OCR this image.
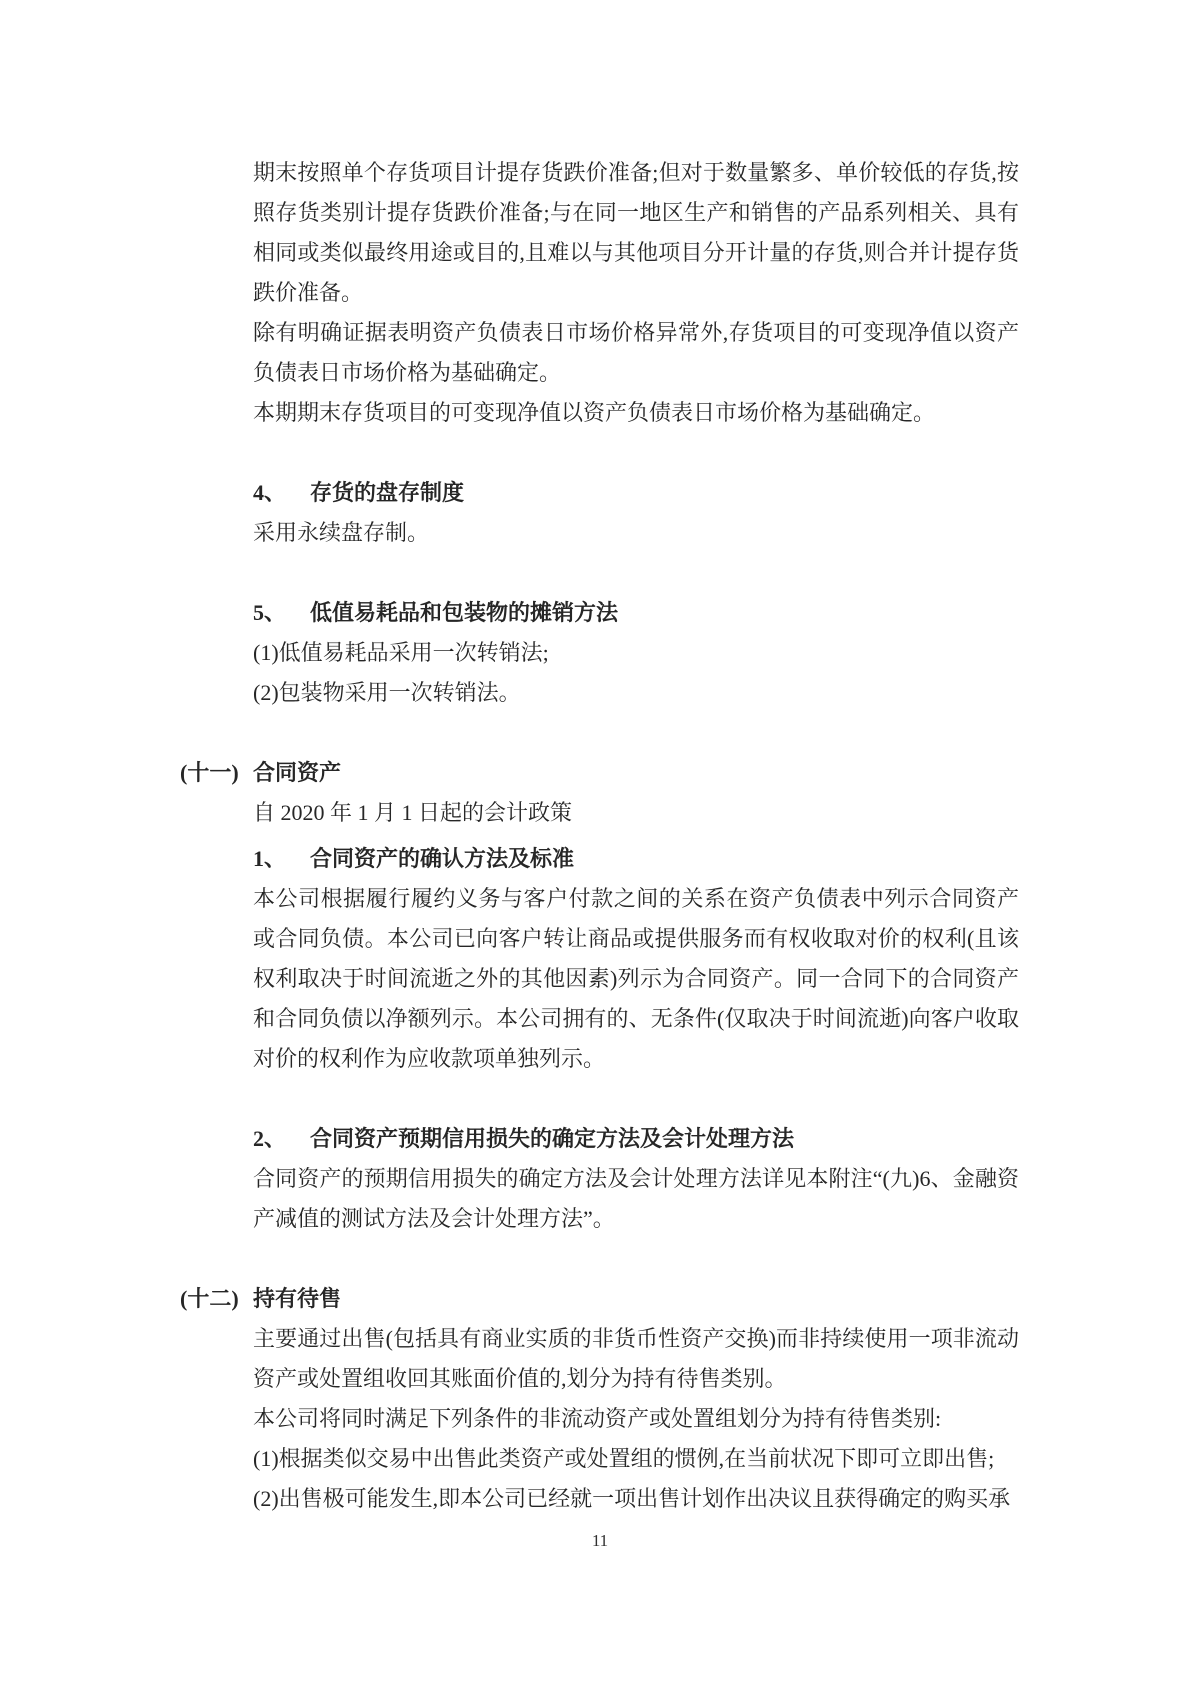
期末按照单个存货项目计提存货跌价准备;但对于数量繁多、单价较低的存货,按照存货类别计提存货跌价准备;与在同一地区生产和销售的产品系列相关、具有相同或类似最终用途或目的,且难以与其他项目分开计量的存货,则合并计提存货跌价准备。

除有明确证据表明资产负债表日市场价格异常外,存货项目的可变现净值以资产负债表日市场价格为基础确定。

本期期末存货项目的可变现净值以资产负债表日市场价格为基础确定。

4、 存货的盘存制度

采用永续盘存制。

5、 低值易耗品和包装物的摊销方法

(1)低值易耗品采用一次转销法;

(2)包装物采用一次转销法。

(十一) 合同资产

自 2020 年 1 月 1 日起的会计政策

1、 合同资产的确认方法及标准

本公司根据履行履约义务与客户付款之间的关系在资产负债表中列示合同资产或合同负债。本公司已向客户转让商品或提供服务而有权收取对价的权利(且该权利取决于时间流逝之外的其他因素)列示为合同资产。同一合同下的合同资产和合同负债以净额列示。本公司拥有的、无条件(仅取决于时间流逝)向客户收取对价的权利作为应收款项单独列示。

2、 合同资产预期信用损失的确定方法及会计处理方法

合同资产的预期信用损失的确定方法及会计处理方法详见本附注“(九)6、金融资产减值的测试方法及会计处理方法”。

(十二) 持有待售

主要通过出售(包括具有商业实质的非货币性资产交换)而非持续使用一项非流动资产或处置组收回其账面价值的,划分为持有待售类别。

本公司将同时满足下列条件的非流动资产或处置组划分为持有待售类别:

(1)根据类似交易中出售此类资产或处置组的惯例,在当前状况下即可立即出售;

(2)出售极可能发生,即本公司已经就一项出售计划作出决议且获得确定的购买承

11
